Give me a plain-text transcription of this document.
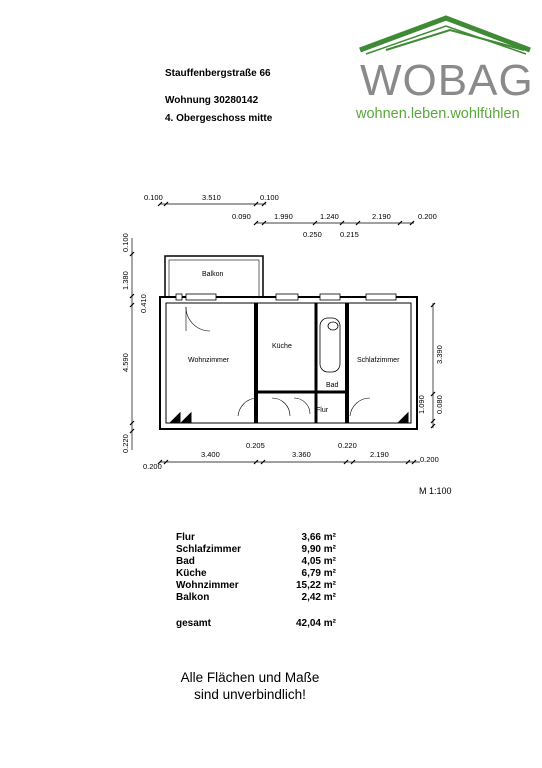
Stauffenbergstraße 66
Wohnung 30280142
4. Obergeschoss mitte
WOBAG
wohnen.leben.wohlfühlen
0.100	3.510	0.100
0.090	1.990	1.240	2.190	0.200
0.250 0.215
0.200
3.400
0.205
3.360
0.220
2.190
0.200
0.100
1.380
0.410
4.590
0.220
3.390
1.090 0.080
Balkon
Wohnzimmer
Küche
Schlafzimmer
Bad
Flur
M 1:100
Flur	3,66 m²
Schlafzimmer	9,90 m²
Bad	4,05 m²
Küche	6,79 m²
Wohnzimmer	15,22 m²
Balkon	2,42 m²
gesamt	42,04 m²
Alle Flächen und Maße
sind unverbindlich!
